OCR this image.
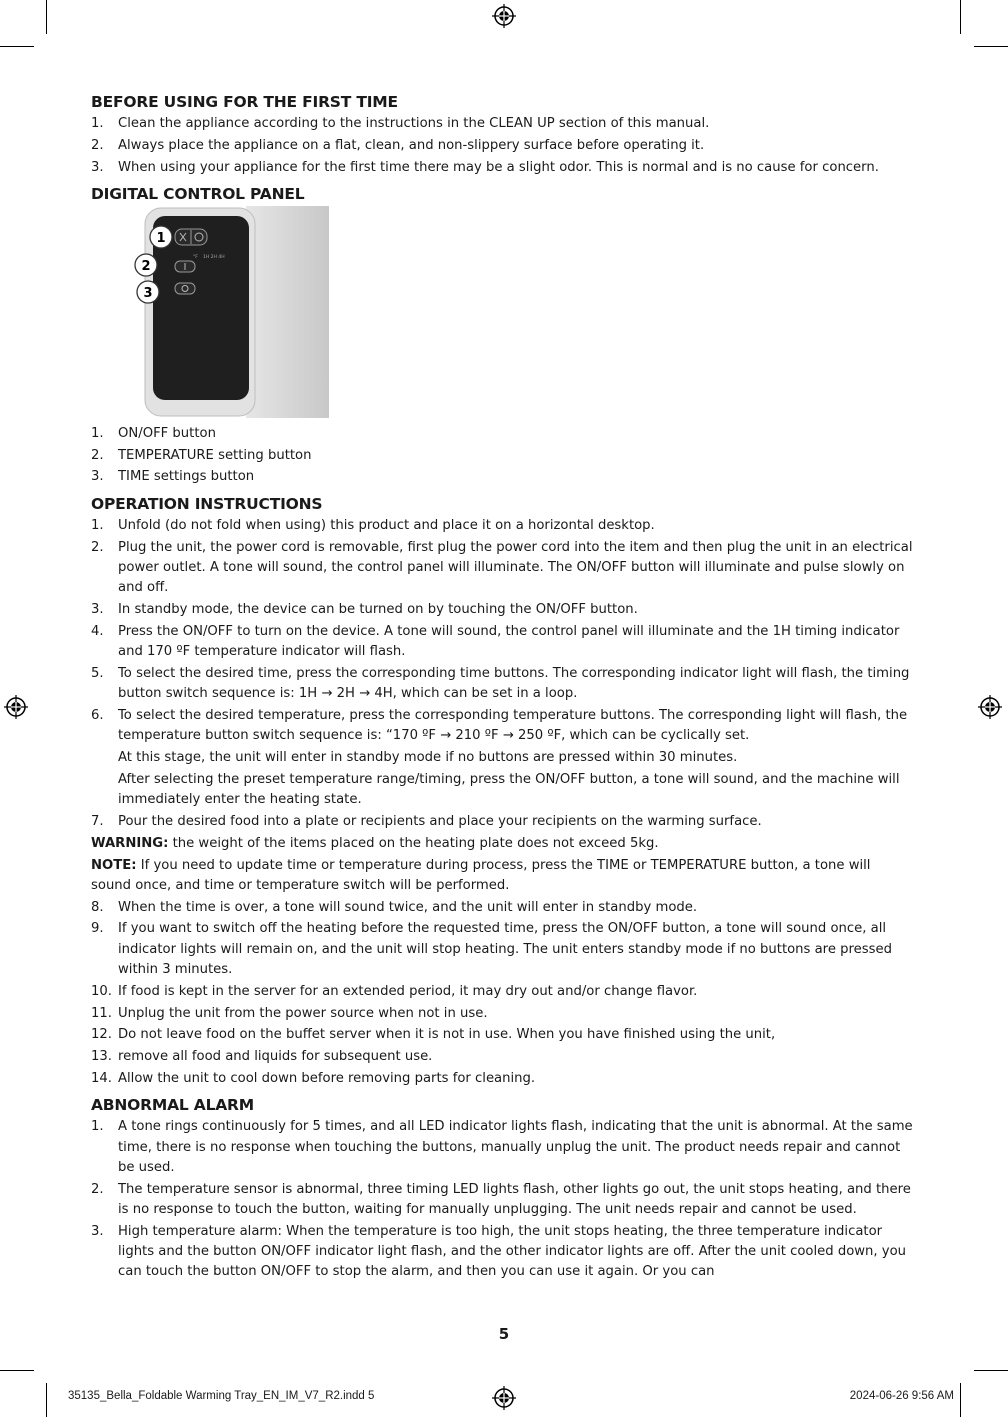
BEFORE USING FOR THE FIRST TIME
1. Clean the appliance according to the instructions in the CLEAN UP section of this manual.
2. Always place the appliance on a flat, clean, and non-slippery surface before operating it.
3. When using your appliance for the first time there may be a slight odor. This is normal and is no cause for concern.
DIGITAL CONTROL PANEL
°F 1H 2H 4H
1
2
3
1. ON/OFF button
2. TEMPERATURE setting button
3. TIME settings button
OPERATION INSTRUCTIONS
1. Unfold (do not fold when using) this product and place it on a horizontal desktop.
2. Plug the unit, the power cord is removable, first plug the power cord into the item and then plug the unit in an electrical power outlet. A tone will sound, the control panel will illuminate. The ON/OFF button will illuminate and pulse slowly on and off.
3. In standby mode, the device can be turned on by touching the ON/OFF button.
4. Press the ON/OFF to turn on the device. A tone will sound, the control panel will illuminate and the 1H timing indicator and 170 ºF temperature indicator will flash.
5. To select the desired time, press the corresponding time buttons. The corresponding indicator light will flash, the timing button switch sequence is: 1H → 2H → 4H, which can be set in a loop.
6. To select the desired temperature, press the corresponding temperature buttons. The corresponding light will flash, the temperature button switch sequence is: “170 ºF → 210 ºF → 250 ºF, which can be cyclically set.
At this stage, the unit will enter in standby mode if no buttons are pressed within 30 minutes.
After selecting the preset temperature range/timing, press the ON/OFF button, a tone will sound, and the machine will immediately enter the heating state.
7. Pour the desired food into a plate or recipients and place your recipients on the warming surface.
WARNING: the weight of the items placed on the heating plate does not exceed 5kg.
NOTE: If you need to update time or temperature during process, press the TIME or TEMPERATURE button, a tone will sound once, and time or temperature switch will be performed.
8. When the time is over, a tone will sound twice, and the unit will enter in standby mode.
9. If you want to switch off the heating before the requested time, press the ON/OFF button, a tone will sound once, all indicator lights will remain on, and the unit will stop heating. The unit enters standby mode if no buttons are pressed within 3 minutes.
10. If food is kept in the server for an extended period, it may dry out and/or change flavor.
11. Unplug the unit from the power source when not in use.
12. Do not leave food on the buffet server when it is not in use. When you have finished using the unit,
13. remove all food and liquids for subsequent use.
14. Allow the unit to cool down before removing parts for cleaning.
ABNORMAL ALARM
1. A tone rings continuously for 5 times, and all LED indicator lights flash, indicating that the unit is abnormal. At the same time, there is no response when touching the buttons, manually unplug the unit. The product needs repair and cannot be used.
2. The temperature sensor is abnormal, three timing LED lights flash, other lights go out, the unit stops heating, and there is no response to touch the button, waiting for manually unplugging. The unit needs repair and cannot be used.
3. High temperature alarm: When the temperature is too high, the unit stops heating, the three temperature indicator lights and the button ON/OFF indicator light flash, and the other indicator lights are off. After the unit cooled down, you can touch the button ON/OFF to stop the alarm, and then you can use it again. Or you can
5
35135_Bella_Foldable Warming Tray_EN_IM_V7_R2.indd 5	2024-06-26 9:56 AM
